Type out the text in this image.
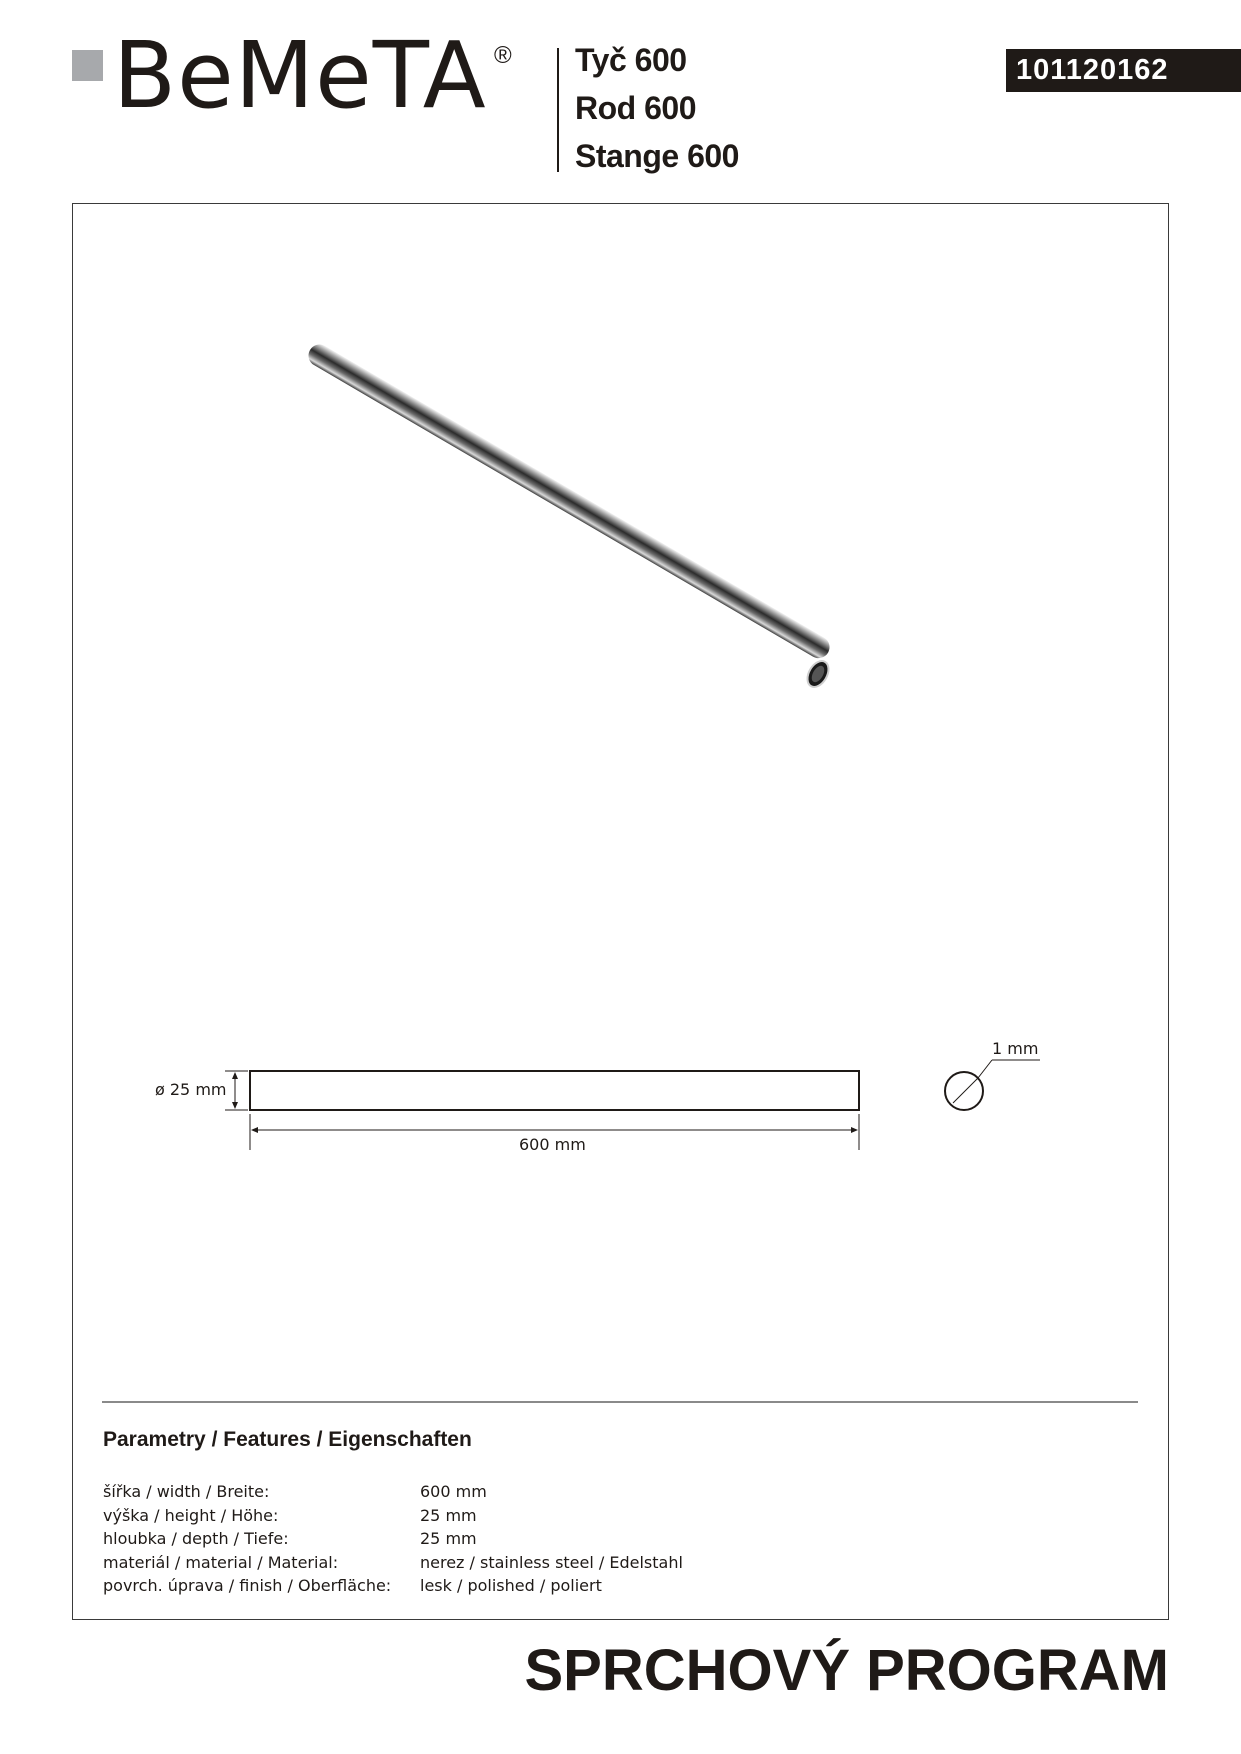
BeMeTA ® Tyč 600
Rod 600
Stange 600
101120162
ø 25 mm
600 mm
1 mm
Parametry / Features / Eigenschaften
šířka / width / Breite:	600 mm
výška / height / Höhe:	25 mm
hloubka / depth / Tiefe:	25 mm
materiál / material / Material:	nerez / stainless steel / Edelstahl
povrch. úprava / finish / Oberfläche: lesk / polished / poliert
SPRCHOVÝ PROGRAM
